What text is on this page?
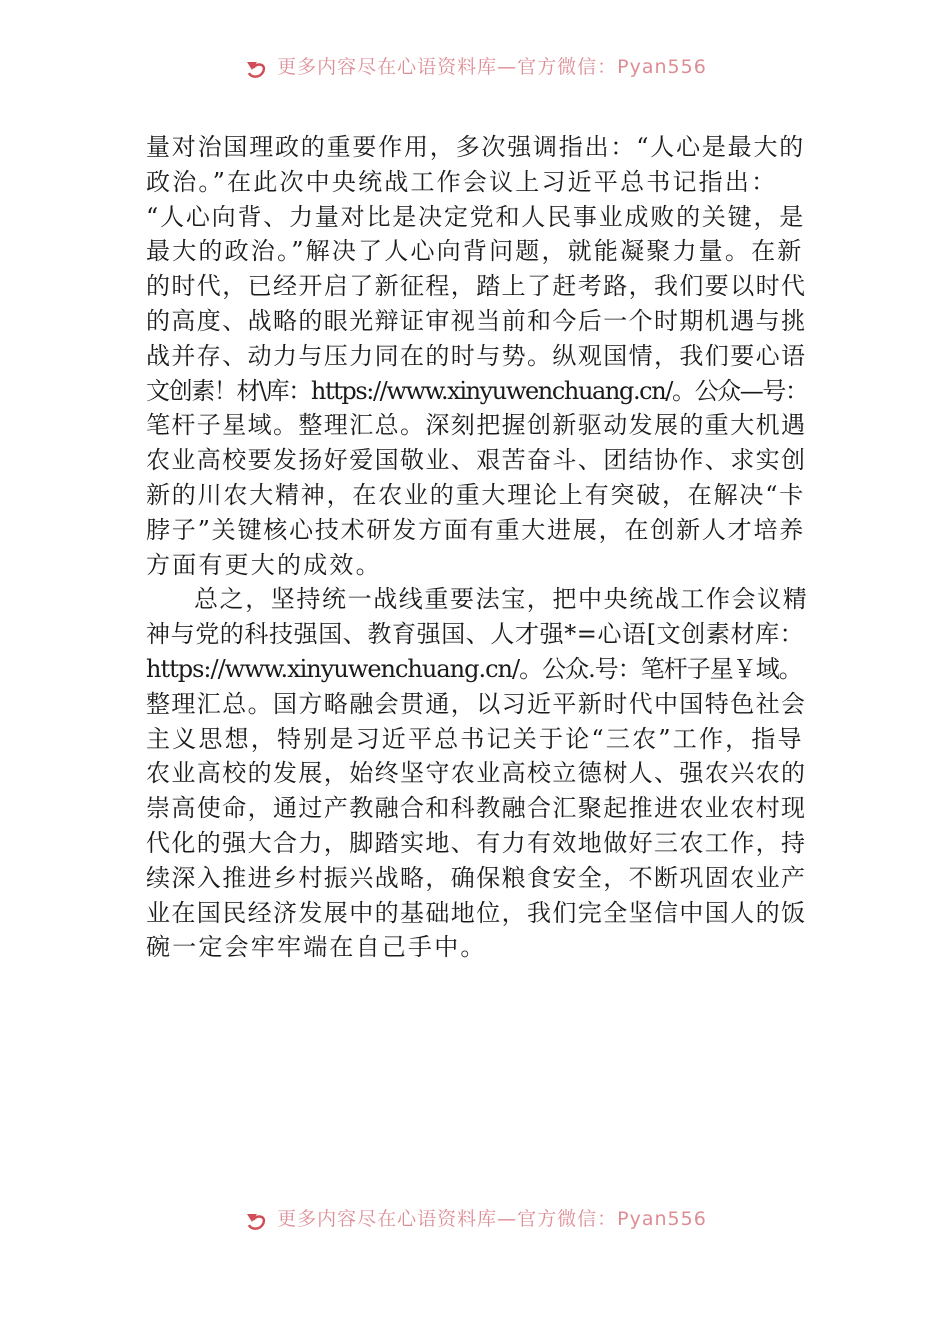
更多内容尽在心语资料库—官方微信：Pyan556
量对治国理政的重要作用，多次强调指出：“人心是最大的
政治。”在此次中央统战工作会议上习近平总书记指出：
“人心向背、力量对比是决定党和人民事业成败的关键，是
最大的政治。”解决了人心向背问题，就能凝聚力量。在新
的时代，已经开启了新征程，踏上了赶考路，我们要以时代
的高度、战略的眼光辩证审视当前和今后一个时期机遇与挑
战并存、动力与压力同在的时与势。纵观国情，我们要心语
文创素！材\库：https://www.xinyuwenchuang.cn/。公众—号：
笔杆子星域。整理汇总。深刻把握创新驱动发展的重大机遇
农业高校要发扬好爱国敬业、艰苦奋斗、团结协作、求实创
新的川农大精神，在农业的重大理论上有突破，在解决“卡
脖子”关键核心技术研发方面有重大进展，在创新人才培养
方面有更大的成效。
总之，坚持统一战线重要法宝，把中央统战工作会议精
神与党的科技强国、教育强国、人才强*=心语[文创素材库：
https://www.xinyuwenchuang.cn/。公众.号：笔杆子星￥域。
整理汇总。国方略融会贯通，以习近平新时代中国特色社会
主义思想，特别是习近平总书记关于论“三农”工作，指导
农业高校的发展，始终坚守农业高校立德树人、强农兴农的
崇高使命，通过产教融合和科教融合汇聚起推进农业农村现
代化的强大合力，脚踏实地、有力有效地做好三农工作，持
续深入推进乡村振兴战略，确保粮食安全，不断巩固农业产
业在国民经济发展中的基础地位，我们完全坚信中国人的饭
碗一定会牢牢端在自己手中。
更多内容尽在心语资料库—官方微信：Pyan556
